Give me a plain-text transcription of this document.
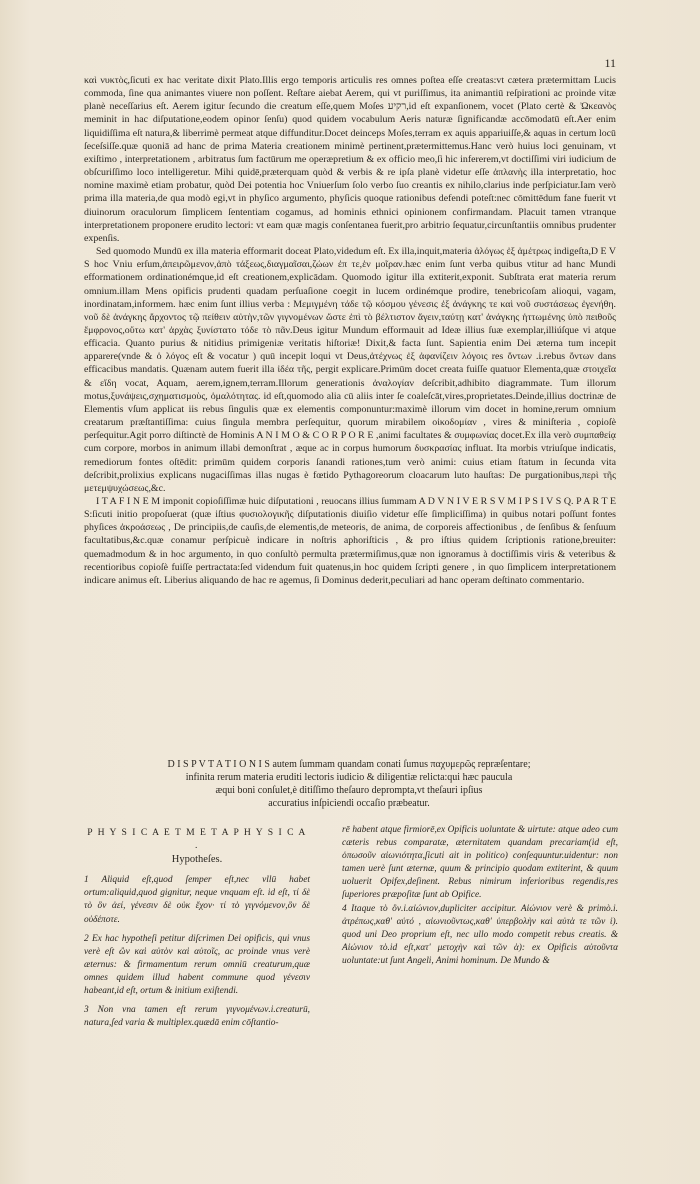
11

καὶ νυκτὸς,ſicuti ex hac veritate dixit Plato.Illis ergo temporis articulis res omnes poſtea eſſe creatas:vt cætera prætermittam Lucis commoda, ſine qua animantes viuere non poſſent. Reſtare aiebat Aerem, qui vt puriſſimus, ita animantiū reſpirationi ac proinde vitæ planè neceſſarius eſt. Aerem igitur ſecundo die creatum eſſe,quem Moſes רקיע,id eſt expanſionem, vocet (Plato certè & Ὠκεανὸς meminit in hac diſputatione,eodem opinor ſenſu) quod quidem vocabulum Aeris naturæ ſignificandæ accōmodatū eſt.Aer enim liquidiſſima eſt natura,& liberrimè permeat atque diffunditur.Docet deinceps Moſes,terram ex aquis appariuiſſe,& aquas in certum locū ſeceſsiſſe.quæ quoniā ad hanc de prima Materia creationem minimè pertinent,prætermittemus.Hanc verò huius loci genuinam, vt exiſtimo , interpretationem , arbitratus ſum factūrum me operæpretium & ex officio meo,ſi hic infererem,vt doctiſſimi viri iudicium de obſcuriſſimo loco intelligeretur. Mihi quidē,præterquam quòd & verbis & re ipſa planè videtur eſſe ἀπλανὴς illa interpretatio, hoc nomine maximè etiam probatur, quòd Dei potentia hoc Vniuerſum ſolo verbo ſuo creantis ex nihilo,clarius inde perſpiciatur.Iam verò prima illa materia,de qua modò egi,vt in phyſico argumento, phyſicis quoque rationibus defendi poteſt:nec cōmittēdum fane fuerit vt diuinorum oraculorum ſimplicem ſententiam cogamus, ad hominis ethnici opinionem confirmandam. Placuit tamen vtranque interpretationem proponere erudito lectori: vt eam quæ magis conſentanea fuerit,pro arbitrio ſequatur,circunſtantiis omnibus prudenter expenſis.

Sed quomodo Mundū ex illa materia efformarit doceat Plato,videdum eſt. Ex illa,inquit,materia ἀλόγως ἐξ ἀμέτρως indigeſta,D E V S hoc Vniu erſum,ἀπειρῶμενον,ἀπὸ τάξεως,διαγμαῖσαι,ζώων ἐπ τε,ἑν μοῖραν.hæc enim ſunt verba quibus vtitur ad hanc Mundi efformationem ordinationémque,id eſt creationem,explicādam. Quomodo igitur illa extiterit,exponit. Subſtrata erat materia rerum omnium.illam Mens opificis prudenti quadam perſuaſione coegit in lucem ordinémque prodire, tenebricoſam alioqui, vagam, inordinatam,informem. hæc enim ſunt illius verba : Μεμιγμένη τάδε τῷ κόσμου γένεσις ἐξ ἀνάγκης τε καὶ νοῦ συστάσεως ἐγενήθη. νοῦ δὲ ἀνάγκης ἄρχοντος τῷ πείθειν αὐτὴν,τῶν γιγνομένων ὥστε ἐπὶ τὸ βέλτιστον ἄγειν,ταύτῃ κατ' ἀνάγκης ἡττωμένης ὑπὸ πειθοῦς ἔμφρονος,οὕτω κατ' ἀρχὰς ξυνίστατο τόδε τὸ πᾶν.Deus igitur Mundum efformauit ad Ideæ illius ſuæ exemplar,illiúſque vi atque efficacia. Quanto purius & nitidius primigeniæ veritatis hiſtoriæ! Dixit,& facta ſunt. Sapientia enim Dei æterna tum incepit apparere(vnde & ὁ λόγος eſt & vocatur ) quū incepit loqui vt Deus,ἀτέχνως ἐξ ἀφανίζειν λόγοις res ὄντων .i.rebus ὄντων dans efficacibus mandatis. Quænam autem fuerit illa ἰδέα τῆς, pergit explicare.Primūm docet creata fuiſſe quatuor Elementa,quæ στοιχεῖα & εἴδη vocat, Aquam, aerem,ignem,terram.Illorum generationis ἀναλογίαν deſcribit,adhibito diagrammate. Tum illorum motus,ξυνάψεις,σχηματισμοὺς, ὁμαλότητας. id eſt,quomodo alia cū aliis inter ſe coaleſcāt,vires,proprietates.Deinde,illius doctrinæ de Elementis vſum applicat iis rebus ſingulis quæ ex elementis componuntur:maximè illorum vim docet in homine,rerum omnium creatarum præſtantiſſima: cuius ſingula membra perſequitur, quorum mirabilem οἰκοδομίαν , vires & miniſteria , copioſè perſequitur.Agit porro diſtinctè de Hominis A N I M O & C O R P O R E ,animi facultates & συμφωνίας docet.Ex illa verò συμπαθείᾳ cum corpore, morbos in animum illabi demonſtrat , æque ac in corpus humorum δυσκρασίας influat. Ita morbis vtriuſque indicatis, remediorum fontes oſtēdit: primūm quidem corporis ſanandi rationes,tum verò animi: cuius etiam ſtatum in ſecunda vita deſcribit,prolixius explicans nugaciſſimas illas nugas è fœtido Pythagoreorum cloacarum luto hauſtas: De purgationibus,περὶ τῆς μετεμψυχώσεως,&c.

I T A F I N E M imponit copioſiſſimæ huic diſputationi , reuocans illius ſummam A D V N I V E R S V M I P S I V S Q. P A R T E S:ſicuti initio propoſuerat (quæ iſtius φυσιολογικῆς diſputationis diuiſio videtur eſſe ſimpliciſſima) in quibus notari poſſunt fontes phyſices ἀκροάσεως , De principiis,de cauſis,de elementis,de meteoris, de anima, de corporeis affectionibus , de ſenſibus & ſenſuum facultatibus,&c.quæ conamur perſpicuè indicare in noſtris aphoriſticis , & pro iſtius quidem ſcriptionis ratione,breuiter: quemadmodum & in hoc argumento, in quo conſultò permulta prætermiſimus,quæ non ignoramus à doctiſſimis viris & veteribus & recentioribus copioſè fuiſſe pertractata:ſed videndum fuit quatenus,in hoc quidem ſcripti genere , in quo ſimplicem interpretationem indicare animus eſt. Liberius aliquando de hac re agemus, ſi Dominus dederit,peculiari ad hanc operam deſtinato commentario.

D I S P V T A T I O N I S autem ſummam quandam conati ſumus παχυμερῶς repræſentare;

infinita rerum materia eruditi lectoris iudicio & diligentiæ relicta:qui hæc paucula

æqui boni conſulet,è ditiſſimo theſauro deprompta,vt theſauri ipſius

accuratius inſpiciendi occaſio præbeatur.

P H Y S I C A E T M E T A P H Y S I C A .
Hypotheſes.

1 Aliquid eſt,quod ſemper eſt,nec vllū habet ortum:aliquid,quod gignitur, neque vnquam eſt. id eſt, τί δὲ τὸ ὂν ἀεί, γένεσιν δὲ οὐκ ἔχον· τί τὸ γιγνόμενον,ὂν δὲ οὐδέποτε.

2 Ex hac hypotheſi petitur diſcrimen Dei opificis, qui vnus verè eſt ὢν καὶ αὐτὸν καὶ αὐτοῖς, ac proinde vnus verè æternus: & firmamentum rerum omniū creaturum,quæ omnes quidem illud habent commune quod γένεσιν habeant,id eſt, ortum & initium exiſtendi.

3 Non vna tamen eſt rerum γιγνομένων.i.creaturū, natura,ſed varia & multiplex.quædā enim cōſtantio-

rē habent atque firmiorē,ex Opificis uoluntate & uirtute: atque adeo cum cæteris rebus comparatæ, æternitatem quandam precariam(id eſt, ὁπωσοῦν αἰωνιότητα,ſicuti ait in politico) conſequuntur.uidentur: non tamen uerè ſunt æternæ, quum & principio quodam extiterint, & quum uoluerit Opifex,deſinent. Rebus nimirum inferioribus regendis,res ſuperiores præpoſitæ ſunt ab Opifice.
4 Itaque τὸ ὂν.i.αἰώνιον,dupliciter accipitur. Αἰώνιον verè & primò.i. ἀτρέπως,καθ' αὑτό , αἰωνιοῦντως,καθ' ὑπερβολὴν καὶ αὐτὰ τε τῶν ἰ). quod uni Deo proprium eſt, nec ullo modo competit rebus creatis. & Αἰώνιον τὸ.id eſt,κατ' μετοχὴν καὶ τῶν ὰ): ex Opificis αὐτοῦντα uoluntate:ut ſunt Angeli, Animi hominum. De Mundo &
